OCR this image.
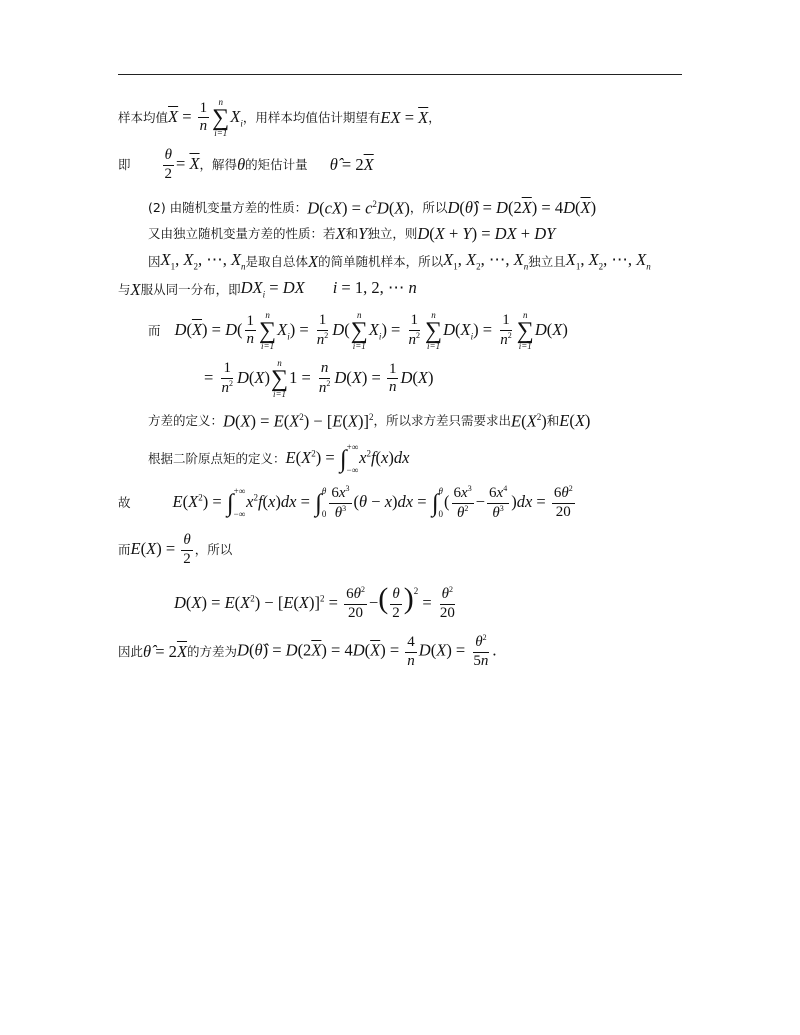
样本均值 $\overline{X} = \frac{1}{n}$ n
∑
i=1
$X_i$ ，用样本均值估计期望有 EX = $\overline{X}$ ，
即 $\frac{\theta}{2} = \overline{X}$ ，解得 θ 的矩估计量 θ̂ = $2\overline{X}$
(2) 由随机变量方差的性质： $D(cX) = c^2D(X)$ ，所以 D(θ̂) = $D(2\overline{X}) = 4D(\overline{X})$
又由独立随机变量方差的性质：若 X 和 Y 独立，则 D(X + Y) = DX + DY
因 $X_1$, $X_2$, ⋯, $X_n$ 是取自总体 X 的简单随机样本，所以 $X_1$, $X_2$, ⋯, $X_n$ 独立且 $X_1$, $X_2$, ⋯, $X_n$
与 X 服从同一分布，即 $DX_i$ = DX i = 1, 2, ⋯ n
而 $D(\overline{X}) = D( \frac{1}{n}$ n
∑
i=1
$X_i) = \frac{1}{n^2} D$(
n
∑
i=1
$X_i) = \frac{1}{n^2}$ n
∑
i=1
$D(X_i) = \frac{1}{n^2}$ n
∑
i=1
D(X)
= $\frac{1}{n^2} D(X)$
n
∑
i=1
$1 = \frac{n}{n^2} D(X) = \frac{1}{n} D(X)$
方差的定义： $D(X) = E(X^2) - [E(X)]^2$ ，所以求方差只需要求出 $E(X^2)$ 和 E(X)
根据二阶原点矩的定义： $E(X^2)$ = ∫ +∞
−∞
$x^2f(x)dx$
故	$E(X^2)$ = ∫ +∞
−∞
$x^2f(x)dx$ = ∫ θ
$0 \frac{6x^3}{\theta^3} (\theta - x)dx$ = ∫ θ
0
( $\frac{6x^3}{\theta^2} - \frac{6x^4}{\theta^3} )dx = \frac{6\theta^2}{20}$
而 $E(X) = \frac{\theta}{2}$ ，所以
$D(X) = E(X^2) - [E(X)]^2 = \frac{6\theta^2}{20}$ −( $\frac{\theta}{2} )^2 = \frac{\theta^2}{20}$
因此 θ̂ = $2\overline{X}$ 的方差为 D(θ̂) = $D(2\overline{X}) = 4D(\overline{X}) = \frac{4}{n} D(X) = \frac{\theta^2}{5n}$ .
